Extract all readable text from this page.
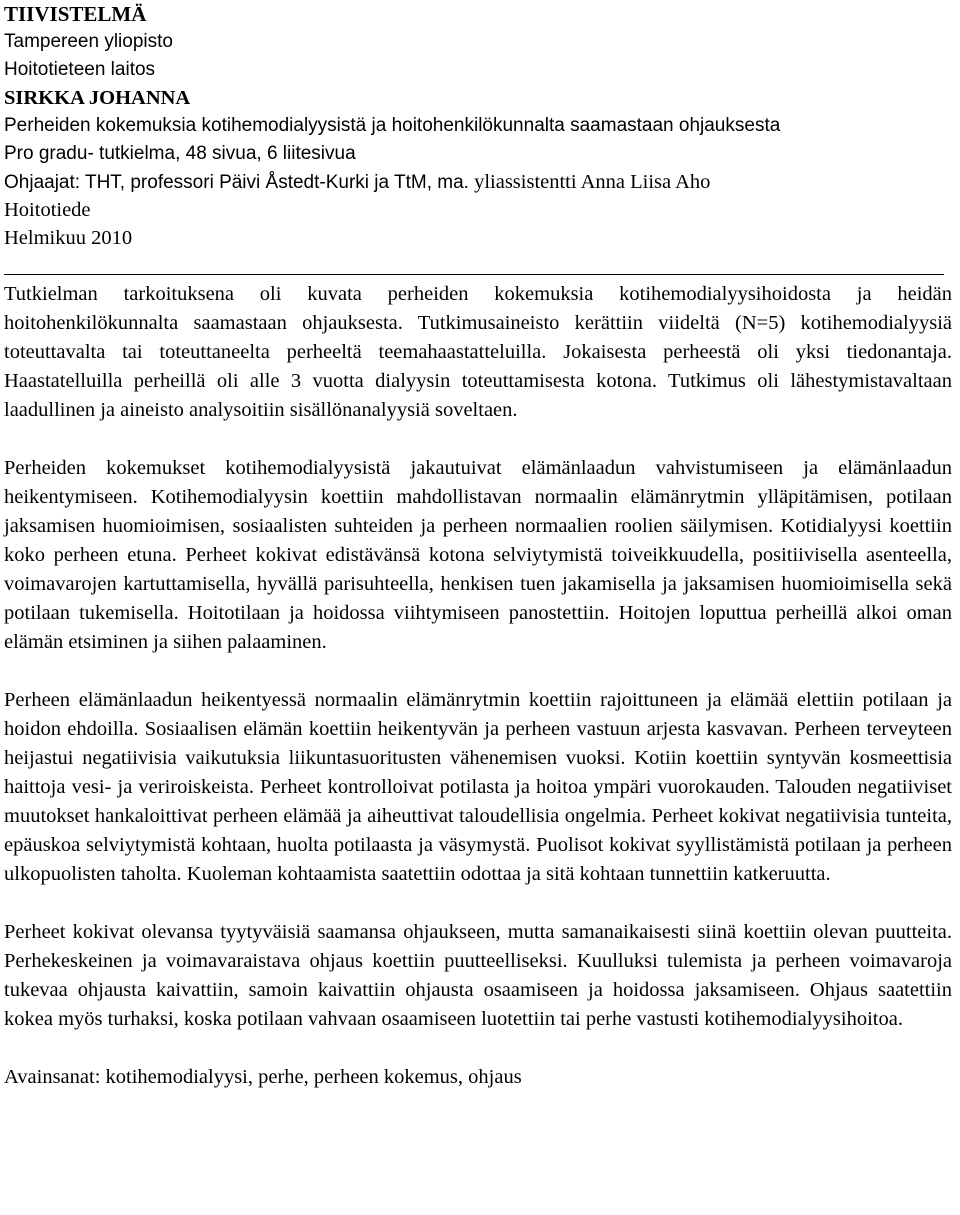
TIIVISTELMÄ
Tampereen yliopisto
Hoitotieteen laitos
SIRKKA JOHANNA
Perheiden kokemuksia kotihemodialyysistä ja hoitohenkilökunnalta saamastaan ohjauksesta
Pro gradu- tutkielma, 48 sivua, 6 liitesivua
Ohjaajat: THT, professori Päivi Åstedt-Kurki ja TtM, ma. yliassistentti Anna Liisa Aho
Hoitotiede
Helmikuu 2010

Tutkielman tarkoituksena oli kuvata perheiden kokemuksia kotihemodialyysihoidosta ja heidän hoitohenkilökunnalta saamastaan ohjauksesta. Tutkimusaineisto kerättiin viideltä (N=5) kotihemodialyysiä toteuttavalta tai toteuttaneelta perheeltä teemahaastatteluilla. Jokaisesta perheestä oli yksi tiedonantaja. Haastatelluilla perheillä oli alle 3 vuotta dialyysin toteuttamisesta kotona. Tutkimus oli lähestymistavaltaan laadullinen ja aineisto analysoitiin sisällönanalyysiä soveltaen.

Perheiden kokemukset kotihemodialyysistä jakautuivat elämänlaadun vahvistumiseen ja elämänlaadun heikentymiseen. Kotihemodialyysin koettiin mahdollistavan normaalin elämänrytmin ylläpitämisen, potilaan jaksamisen huomioimisen, sosiaalisten suhteiden ja perheen normaalien roolien säilymisen. Kotidialyysi koettiin koko perheen etuna. Perheet kokivat edistävänsä kotona selviytymistä toiveikkuudella, positiivisella asenteella, voimavarojen kartuttamisella, hyvällä parisuhteella, henkisen tuen jakamisella ja jaksamisen huomioimisella sekä potilaan tukemisella. Hoitotilaan ja hoidossa viihtymiseen panostettiin. Hoitojen loputtua perheillä alkoi oman elämän etsiminen ja siihen palaaminen.

Perheen elämänlaadun heikentyessä normaalin elämänrytmin koettiin rajoittuneen ja elämää elettiin potilaan ja hoidon ehdoilla. Sosiaalisen elämän koettiin heikentyvän ja perheen vastuun arjesta kasvavan. Perheen terveyteen heijastui negatiivisia vaikutuksia liikuntasuoritusten vähenemisen vuoksi. Kotiin koettiin syntyvän kosmeettisia haittoja vesi- ja veriroiskeista. Perheet kontrolloivat potilasta ja hoitoa ympäri vuorokauden. Talouden negatiiviset muutokset hankaloittivat perheen elämää ja aiheuttivat taloudellisia ongelmia. Perheet kokivat negatiivisia tunteita, epäuskoa selviytymistä kohtaan, huolta potilaasta ja väsymystä. Puolisot kokivat syyllistämistä potilaan ja perheen ulkopuolisten taholta. Kuoleman kohtaamista saatettiin odottaa ja sitä kohtaan tunnettiin katkeruutta.

Perheet kokivat olevansa tyytyväisiä saamansa ohjaukseen, mutta samanaikaisesti siinä koettiin olevan puutteita. Perhekeskeinen ja voimavaraistava ohjaus koettiin puutteelliseksi. Kuulluksi tulemista ja perheen voimavaroja tukevaa ohjausta kaivattiin, samoin kaivattiin ohjausta osaamiseen ja hoidossa jaksamiseen. Ohjaus saatettiin kokea myös turhaksi, koska potilaan vahvaan osaamiseen luotettiin tai perhe vastusti kotihemodialyysihoitoa.

Avainsanat: kotihemodialyysi, perhe, perheen kokemus, ohjaus
